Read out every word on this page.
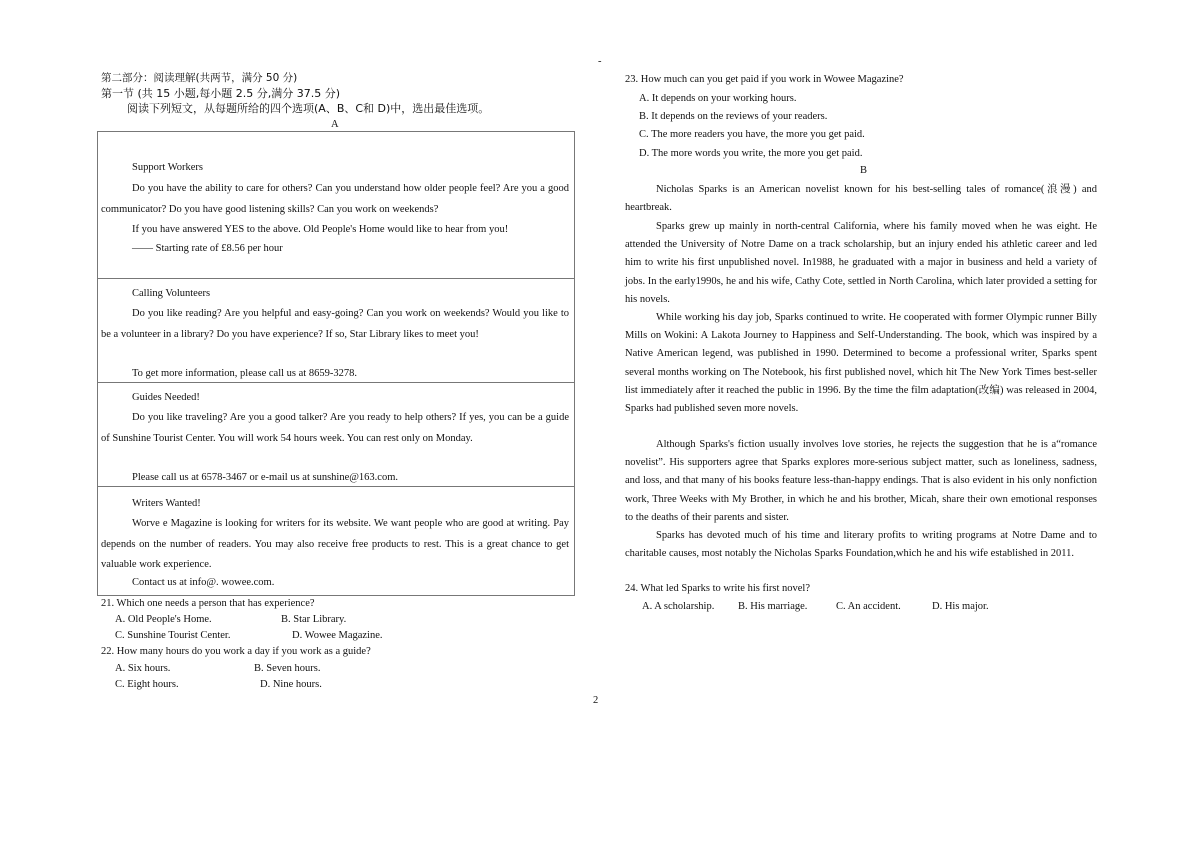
第二部分：阅读理解(共两节，满分 50 分)
第一节 (共 15 小题,每小题 2.5 分,满分 37.5 分)
阅读下列短文，从每题所给的四个选项(A、B、C和 D)中，选出最佳选项。
A
-
Support Workers
Do you have the ability to care for others? Can you understand how older people feel? Are you a good communicator? Do you have good listening skills? Can you work on weekends?
If you have answered YES to the above. Old People's Home would like to hear from you!
—— Starting rate of £8.56 per hour
Calling Volunteers
Do you like reading? Are you helpful and easy-going? Can you work on weekends? Would you like to be a volunteer in a library? Do you have experience? If so, Star Library likes to meet you!
To get more information, please call us at 8659-3278.
Guides Needed!
Do you like traveling? Are you a good talker? Are you ready to help others? If yes, you can be a guide of Sunshine Tourist Center. You will work 54 hours week. You can rest only on Monday.
Please call us at 6578-3467 or e-mail us at sunshine@163.com.
Writers Wanted!
Worve e Magazine is looking for writers for its website. We want people who are good at writing. Pay depends on the number of readers. You may also receive free products to rest. This is a great chance to get valuable work experience.
Contact us at info@. wowee.com.
21. Which one needs a person that has experience?
A. Old People's Home.	B. Star Library.
C. Sunshine Tourist Center.	D. Wowee Magazine.
22. How many hours do you work a day if you work as a guide?
A. Six hours.	B. Seven hours.
C. Eight hours.	D. Nine hours.
2
23. How much can you get paid if you work in Wowee Magazine?
A. It depends on your working hours.
B. It depends on the reviews of your readers.
C. The more readers you have, the more you get paid.
D. The more words you write, the more you get paid.
B
Nicholas Sparks is an American novelist known for his best-selling tales of romance(浪漫) and heartbreak.
Sparks grew up mainly in north-central California, where his family moved when he was eight. He attended the University of Notre Dame on a track scholarship, but an injury ended his athletic career and led him to write his first unpublished novel. In1988, he graduated with a major in business and held a variety of jobs. In the early1990s, he and his wife, Cathy Cote, settled in North Carolina, which later provided a setting for his novels.
While working his day job, Sparks continued to write. He cooperated with former Olympic runner Billy Mills on Wokini: A Lakota Journey to Happiness and Self-Understanding. The book, which was inspired by a Native American legend, was published in 1990. Determined to become a professional writer, Sparks spent several months working on The Notebook, his first published novel, which hit The New York Times best-seller list immediately after it reached the public in 1996. By the time the film adaptation(改编) was released in 2004, Sparks had published seven more novels.
Although Sparks's fiction usually involves love stories, he rejects the suggestion that he is a“romance novelist”. His supporters agree that Sparks explores more-serious subject matter, such as loneliness, sadness, and loss, and that many of his books feature less-than-happy endings. That is also evident in his only nonfiction work, Three Weeks with My Brother, in which he and his brother, Micah, share their own emotional responses to the deaths of their parents and sister.
Sparks has devoted much of his time and literary profits to writing programs at Notre Dame and to charitable causes, most notably the Nicholas Sparks Foundation,which he and his wife established in 2011.
24. What led Sparks to write his first novel?
A. A scholarship. B. His marriage.	C. An accident.	D. His major.
